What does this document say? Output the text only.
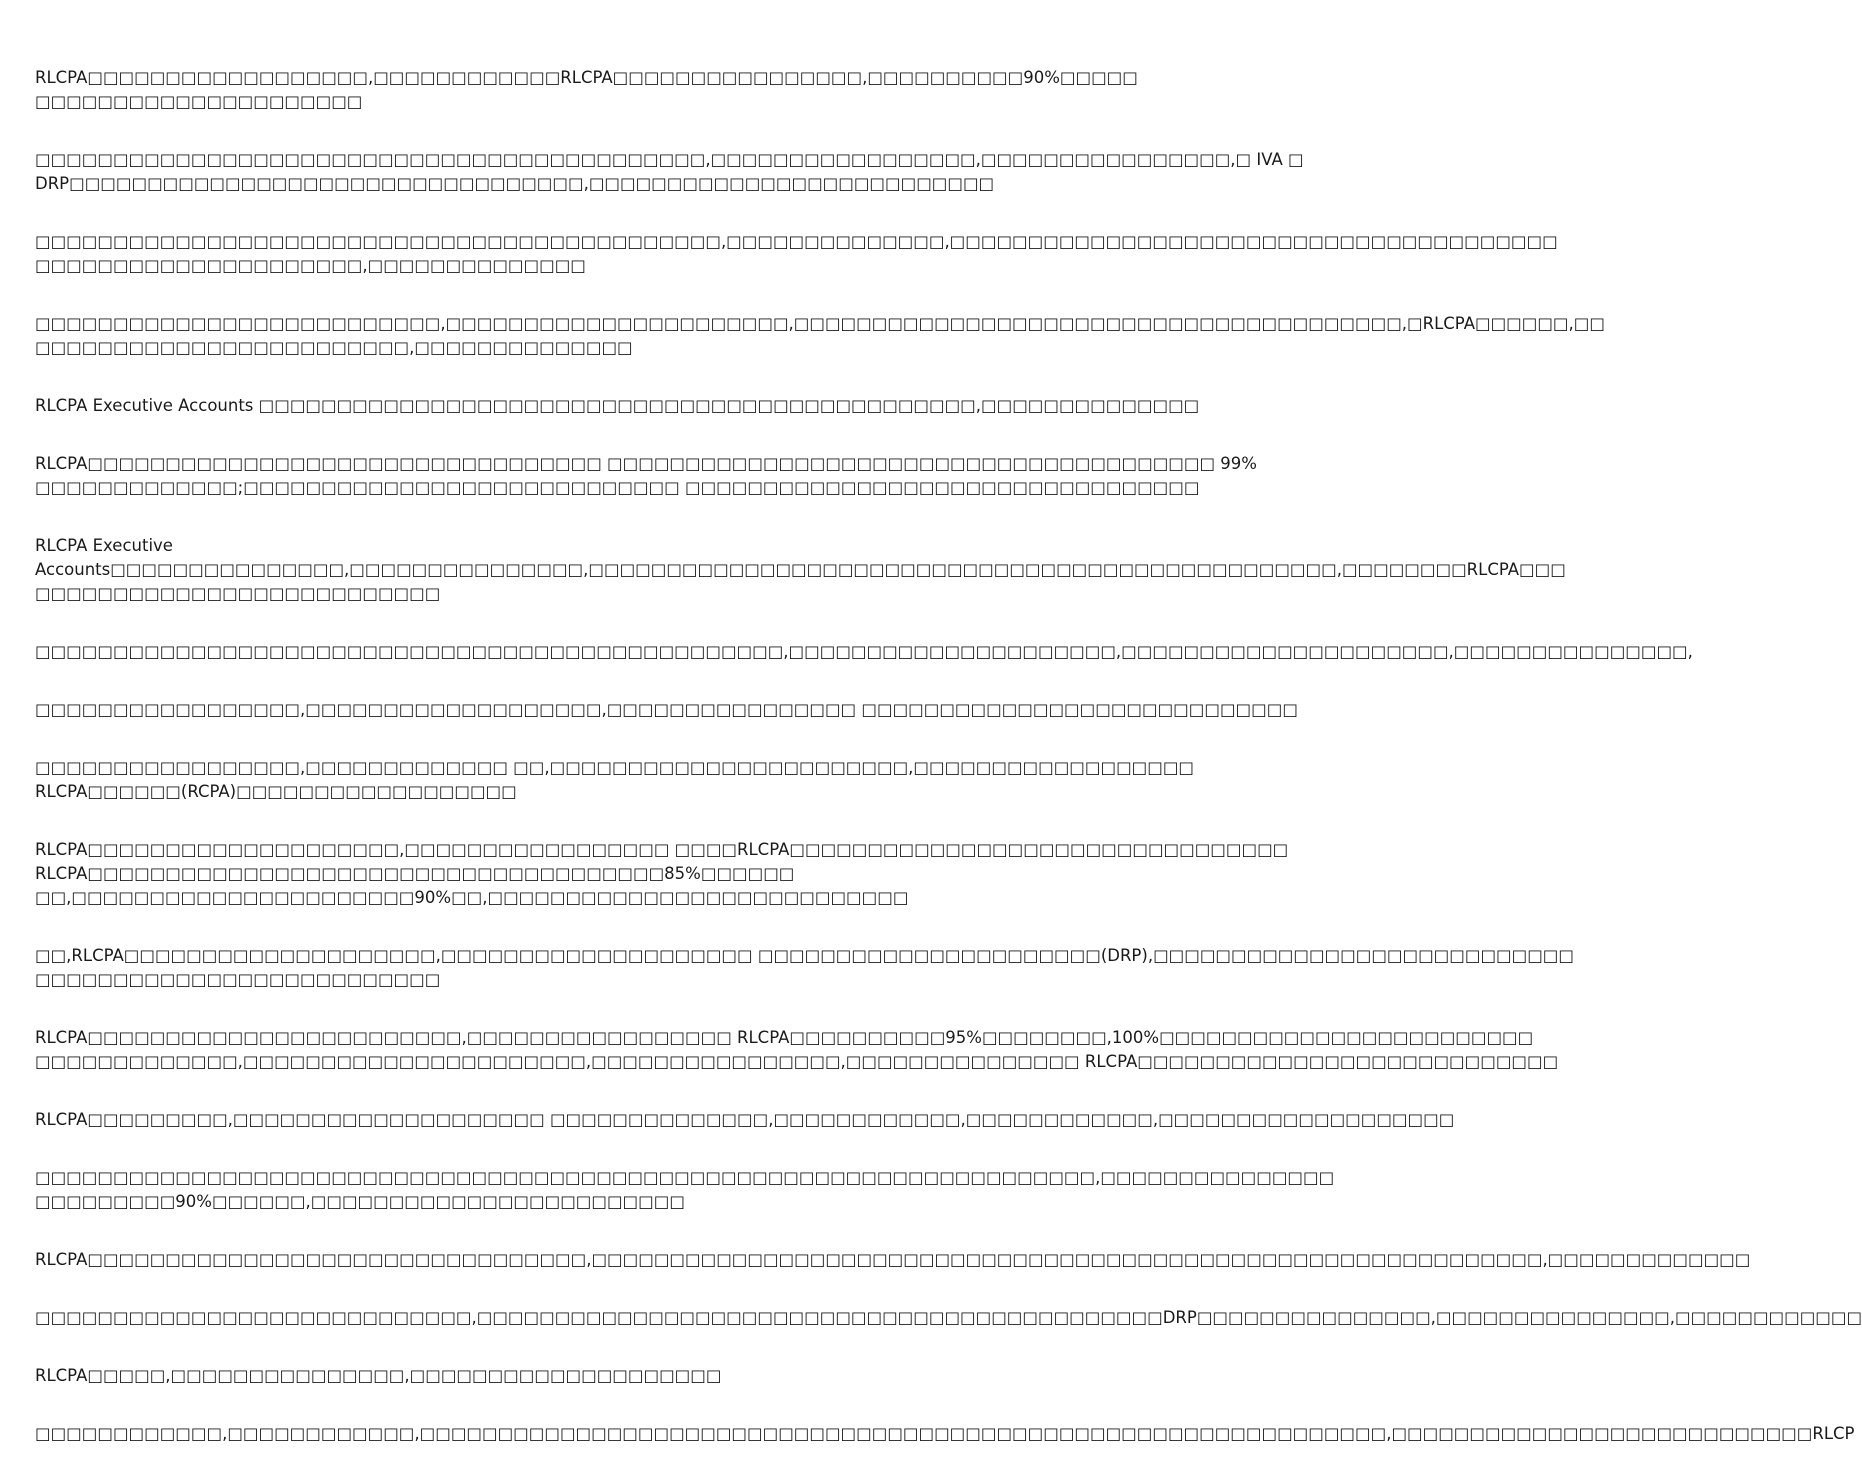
RLCPA□□□□□□□□□□□□□□□□□□,□□□□□□□□□□□□RLCPA□□□□□□□□□□□□□□□□,□□□□□□□□□□90%□□□□□
□□□□□□□□□□□□□□□□□□□□□

□□□□□□□□□□□□□□□□□□□□□□□□□□□□□□□□□□□□□□□□□□□,□□□□□□□□□□□□□□□□□,□□□□□□□□□□□□□□□□,□ IVA □
DRP□□□□□□□□□□□□□□□□□□□□□□□□□□□□□□□□□,□□□□□□□□□□□□□□□□□□□□□□□□□□

□□□□□□□□□□□□□□□□□□□□□□□□□□□□□□□□□□□□□□□□□□□□,□□□□□□□□□□□□□□,□□□□□□□□□□□□□□□□□□□□□□□□□□□□□□□□□□□□□□□
□□□□□□□□□□□□□□□□□□□□□,□□□□□□□□□□□□□□

□□□□□□□□□□□□□□□□□□□□□□□□□□,□□□□□□□□□□□□□□□□□□□□□□,□□□□□□□□□□□□□□□□□□□□□□□□□□□□□□□□□□□□□□□,□RLCPA□□□□□□,□□
□□□□□□□□□□□□□□□□□□□□□□□□,□□□□□□□□□□□□□□

RLCPA Executive Accounts □□□□□□□□□□□□□□□□□□□□□□□□□□□□□□□□□□□□□□□□□□□□□□,□□□□□□□□□□□□□□

RLCPA□□□□□□□□□□□□□□□□□□□□□□□□□□□□□□□□□ □□□□□□□□□□□□□□□□□□□□□□□□□□□□□□□□□□□□□□□ 99%
□□□□□□□□□□□□□;□□□□□□□□□□□□□□□□□□□□□□□□□□□□ □□□□□□□□□□□□□□□□□□□□□□□□□□□□□□□□□

RLCPA Executive
Accounts□□□□□□□□□□□□□□□,□□□□□□□□□□□□□□□,□□□□□□□□□□□□□□□□□□□□□□□□□□□□□□□□□□□□□□□□□□□□□□□□,□□□□□□□□RLCPA□□□
□□□□□□□□□□□□□□□□□□□□□□□□□□

□□□□□□□□□□□□□□□□□□□□□□□□□□□□□□□□□□□□□□□□□□□□□□□□,□□□□□□□□□□□□□□□□□□□□□,□□□□□□□□□□□□□□□□□□□□□,□□□□□□□□□□□□□□□,

□□□□□□□□□□□□□□□□□,□□□□□□□□□□□□□□□□□□□,□□□□□□□□□□□□□□□□ □□□□□□□□□□□□□□□□□□□□□□□□□□□□

□□□□□□□□□□□□□□□□□,□□□□□□□□□□□□□ □□,□□□□□□□□□□□□□□□□□□□□□□□,□□□□□□□□□□□□□□□□□□
RLCPA□□□□□□(RCPA)□□□□□□□□□□□□□□□□□□

RLCPA□□□□□□□□□□□□□□□□□□□□,□□□□□□□□□□□□□□□□□ □□□□RLCPA□□□□□□□□□□□□□□□□□□□□□□□□□□□□□□□□
RLCPA□□□□□□□□□□□□□□□□□□□□□□□□□□□□□□□□□□□□□85%□□□□□□
□□,□□□□□□□□□□□□□□□□□□□□□□90%□□,□□□□□□□□□□□□□□□□□□□□□□□□□□□

□□,RLCPA□□□□□□□□□□□□□□□□□□□□,□□□□□□□□□□□□□□□□□□□□ □□□□□□□□□□□□□□□□□□□□□□(DRP),□□□□□□□□□□□□□□□□□□□□□□□□□□□
□□□□□□□□□□□□□□□□□□□□□□□□□□

RLCPA□□□□□□□□□□□□□□□□□□□□□□□□,□□□□□□□□□□□□□□□□□ RLCPA□□□□□□□□□□95%□□□□□□□□,100%□□□□□□□□□□□□□□□□□□□□□□□□
□□□□□□□□□□□□□,□□□□□□□□□□□□□□□□□□□□□□,□□□□□□□□□□□□□□□□,□□□□□□□□□□□□□□□ RLCPA□□□□□□□□□□□□□□□□□□□□□□□□□□□

RLCPA□□□□□□□□□,□□□□□□□□□□□□□□□□□□□□ □□□□□□□□□□□□□□,□□□□□□□□□□□□,□□□□□□□□□□□□,□□□□□□□□□□□□□□□□□□□

□□□□□□□□□□□□□□□□□□□□□□□□□□□□□□□□□□□□□□□□□□□□□□□□□□□□□□□□□□□□□□□□□□□□,□□□□□□□□□□□□□□□
□□□□□□□□□90%□□□□□□,□□□□□□□□□□□□□□□□□□□□□□□□

RLCPA□□□□□□□□□□□□□□□□□□□□□□□□□□□□□□□□,□□□□□□□□□□□□□□□□□□□□□□□□□□□□□□□□□□□□□□□□□□□□□□□□□□□□□□□□□□□□□,□□□□□□□□□□□□□

□□□□□□□□□□□□□□□□□□□□□□□□□□□□,□□□□□□□□□□□□□□□□□□□□□□□□□□□□□□□□□□□□□□□□□□□□DRP□□□□□□□□□□□□□□□,□□□□□□□□□□□□□□□,□□□□□□□□□□□□

RLCPA□□□□□,□□□□□□□□□□□□□□□,□□□□□□□□□□□□□□□□□□□□

□□□□□□□□□□□□,□□□□□□□□□□□□,□□□□□□□□□□□□□□□□□□□□□□□□□□□□□□□□□□□□□□□□□□□□□□□□□□□□□□□□□□□□□□,□□□□□□□□□□□□□□□□□□□□□□□□□□□RLCP
